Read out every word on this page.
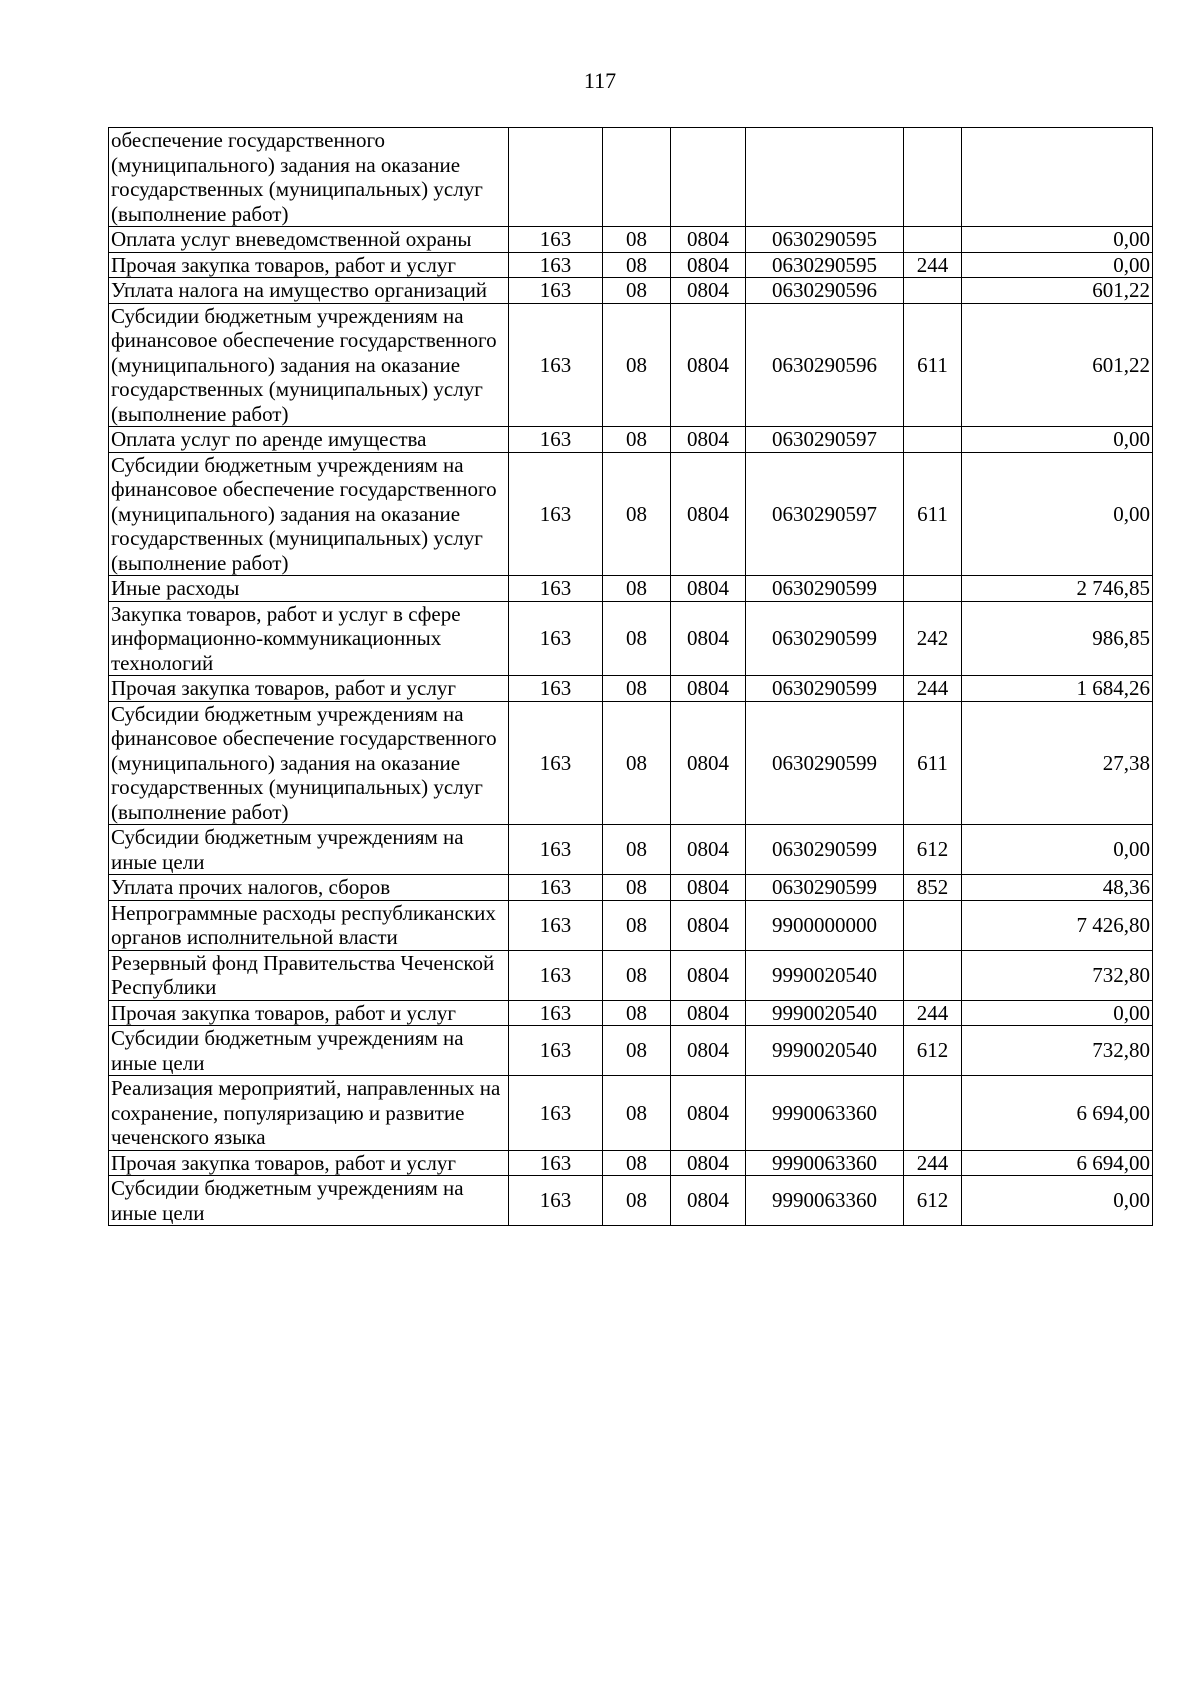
117
обеспечение государственного (муниципального) задания на оказание государственных (муниципальных) услуг (выполнение работ)						
Оплата услуг вневедомственной охраны	163	08	0804	0630290595		0,00
Прочая закупка товаров, работ и услуг	163	08	0804	0630290595	244	0,00
Уплата налога на имущество организаций	163	08	0804	0630290596		601,22
Субсидии бюджетным учреждениям на финансовое обеспечение государственного (муниципального) задания на оказание государственных (муниципальных) услуг (выполнение работ)	163	08	0804	0630290596	611	601,22
Оплата услуг по аренде имущества	163	08	0804	0630290597		0,00
Субсидии бюджетным учреждениям на финансовое обеспечение государственного (муниципального) задания на оказание государственных (муниципальных) услуг (выполнение работ)	163	08	0804	0630290597	611	0,00
Иные расходы	163	08	0804	0630290599		2 746,85
Закупка товаров, работ и услуг в сфере информационно-коммуникационных технологий	163	08	0804	0630290599	242	986,85
Прочая закупка товаров, работ и услуг	163	08	0804	0630290599	244	1 684,26
Субсидии бюджетным учреждениям на финансовое обеспечение государственного (муниципального) задания на оказание государственных (муниципальных) услуг (выполнение работ)	163	08	0804	0630290599	611	27,38
Субсидии бюджетным учреждениям на иные цели	163	08	0804	0630290599	612	0,00
Уплата прочих налогов, сборов	163	08	0804	0630290599	852	48,36
Непрограммные расходы республиканских органов исполнительной власти	163	08	0804	9900000000		7 426,80
Резервный фонд Правительства Чеченской Республики	163	08	0804	9990020540		732,80
Прочая закупка товаров, работ и услуг	163	08	0804	9990020540	244	0,00
Субсидии бюджетным учреждениям на иные цели	163	08	0804	9990020540	612	732,80
Реализация мероприятий, направленных на сохранение, популяризацию и развитие чеченского языка	163	08	0804	9990063360		6 694,00
Прочая закупка товаров, работ и услуг	163	08	0804	9990063360	244	6 694,00
Субсидии бюджетным учреждениям на иные цели	163	08	0804	9990063360	612	0,00
